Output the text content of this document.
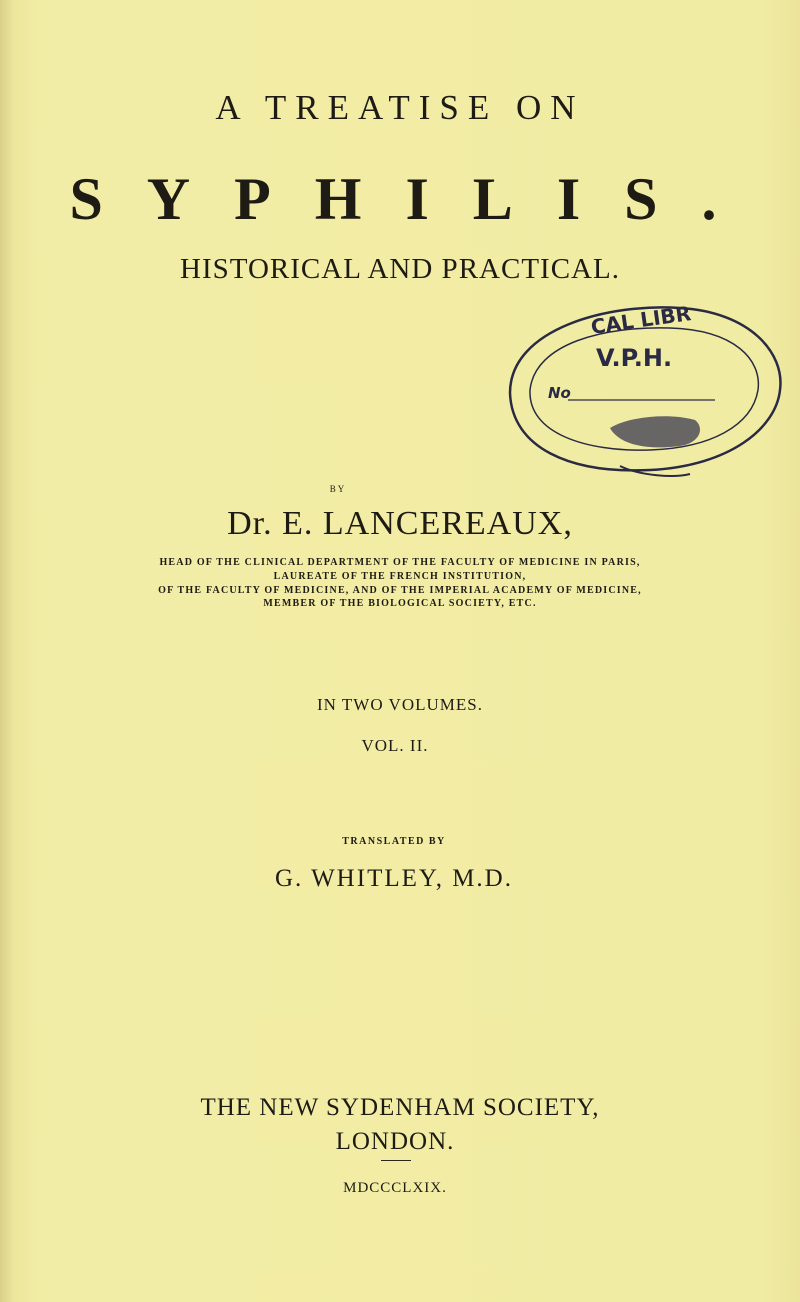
A TREATISE ON
SYPHILIS.
HISTORICAL AND PRACTICAL.
CAL LIBR
V.P.H.
No
BY
Dr. E. LANCEREAUX,
HEAD OF THE CLINICAL DEPARTMENT OF THE FACULTY OF MEDICINE IN PARIS,
LAUREATE OF THE FRENCH INSTITUTION,
OF THE FACULTY OF MEDICINE, AND OF THE IMPERIAL ACADEMY OF MEDICINE,
MEMBER OF THE BIOLOGICAL SOCIETY, ETC.
IN TWO VOLUMES.
VOL. II.
TRANSLATED BY
G. WHITLEY, M.D.
THE NEW SYDENHAM SOCIETY,
LONDON.
MDCCCLXIX.
